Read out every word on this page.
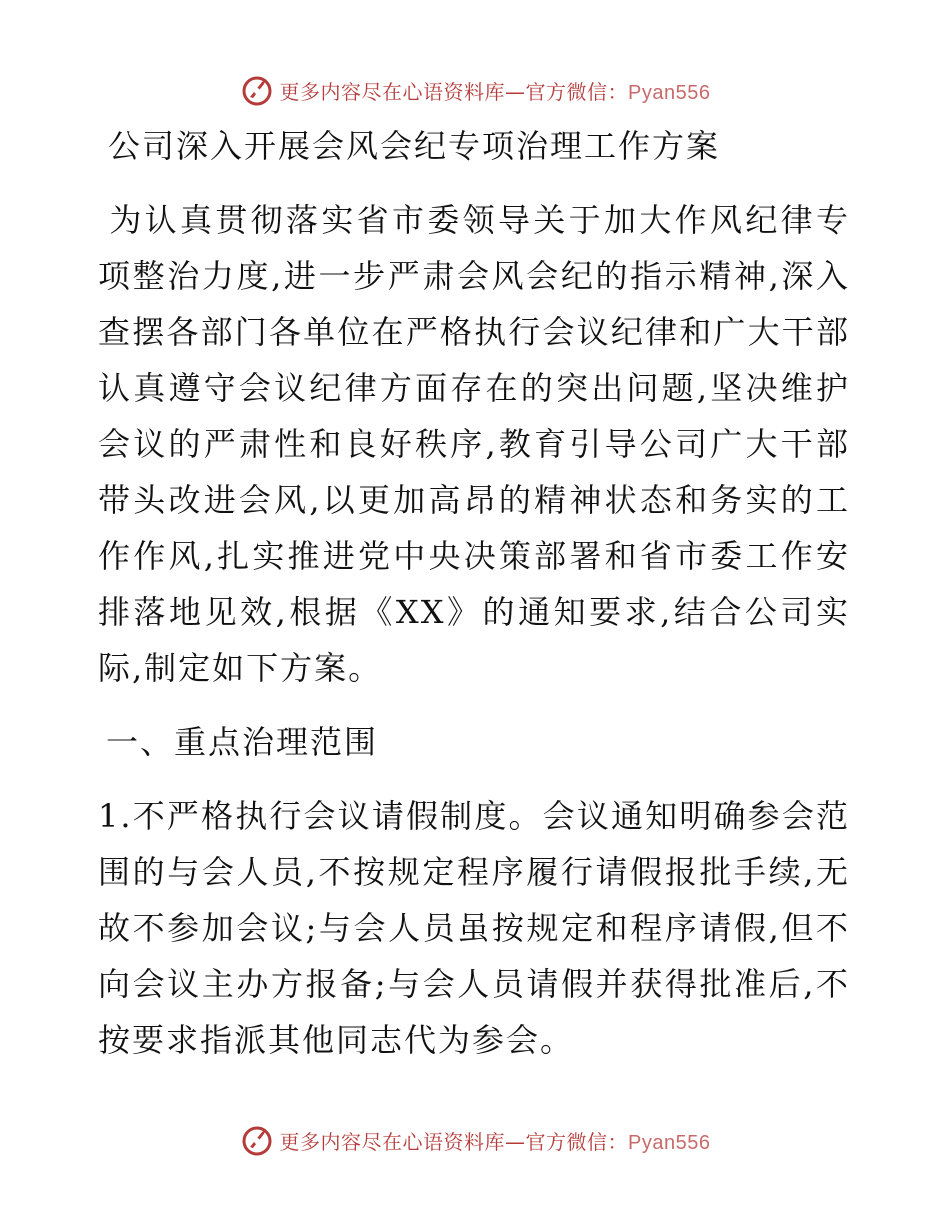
更多内容尽在心语资料库—官方微信：Pyan556
公司深入开展会风会纪专项治理工作方案

为认真贯彻落实省市委领导关于加大作风纪律专项整治力度,进一步严肃会风会纪的指示精神,深入查摆各部门各单位在严格执行会议纪律和广大干部认真遵守会议纪律方面存在的突出问题,坚决维护会议的严肃性和良好秩序,教育引导公司广大干部带头改进会风,以更加高昂的精神状态和务实的工作作风,扎实推进党中央决策部署和省市委工作安排落地见效,根据《XX》的通知要求,结合公司实际,制定如下方案。

一、重点治理范围

1.不严格执行会议请假制度。会议通知明确参会范围的与会人员,不按规定程序履行请假报批手续,无故不参加会议;与会人员虽按规定和程序请假,但不向会议主办方报备;与会人员请假并获得批准后,不按要求指派其他同志代为参会。

更多内容尽在心语资料库—官方微信：Pyan556
